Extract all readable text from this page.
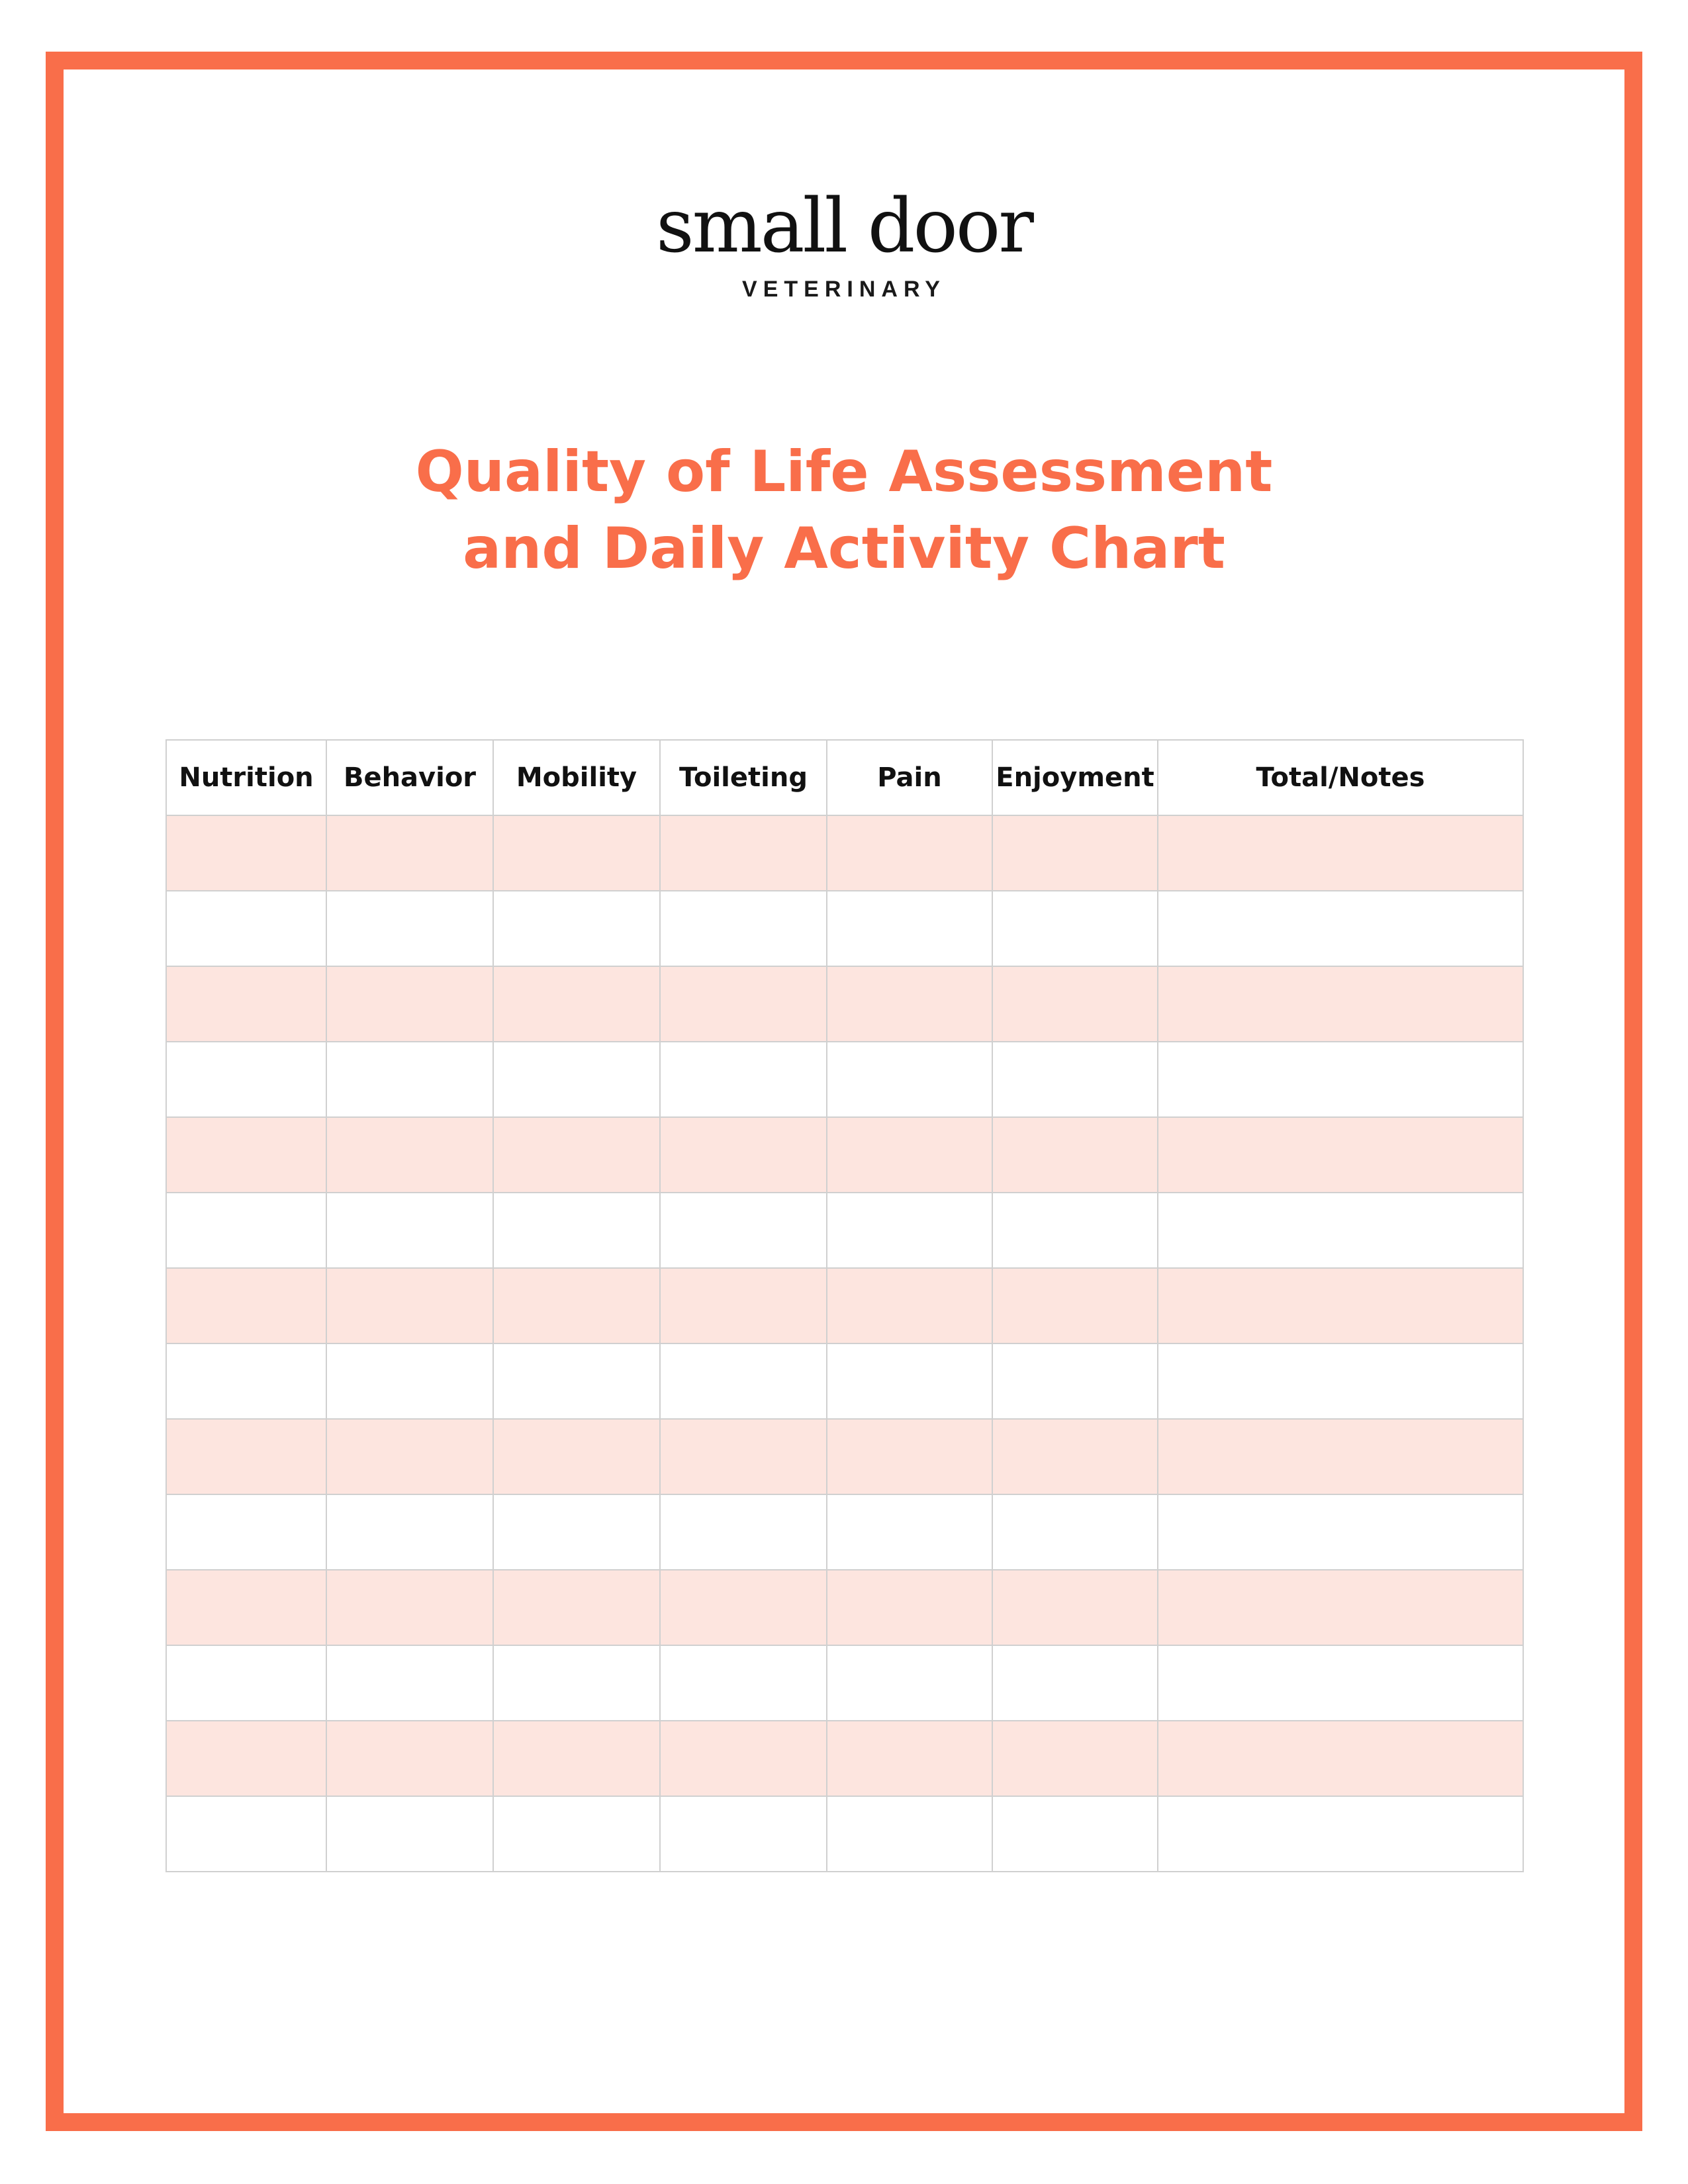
small door
VETERINARY
Quality of Life Assessment
and Daily Activity Chart
Nutrition	Behavior	Mobility	Toileting	Pain	Enjoyment	Total/Notes
